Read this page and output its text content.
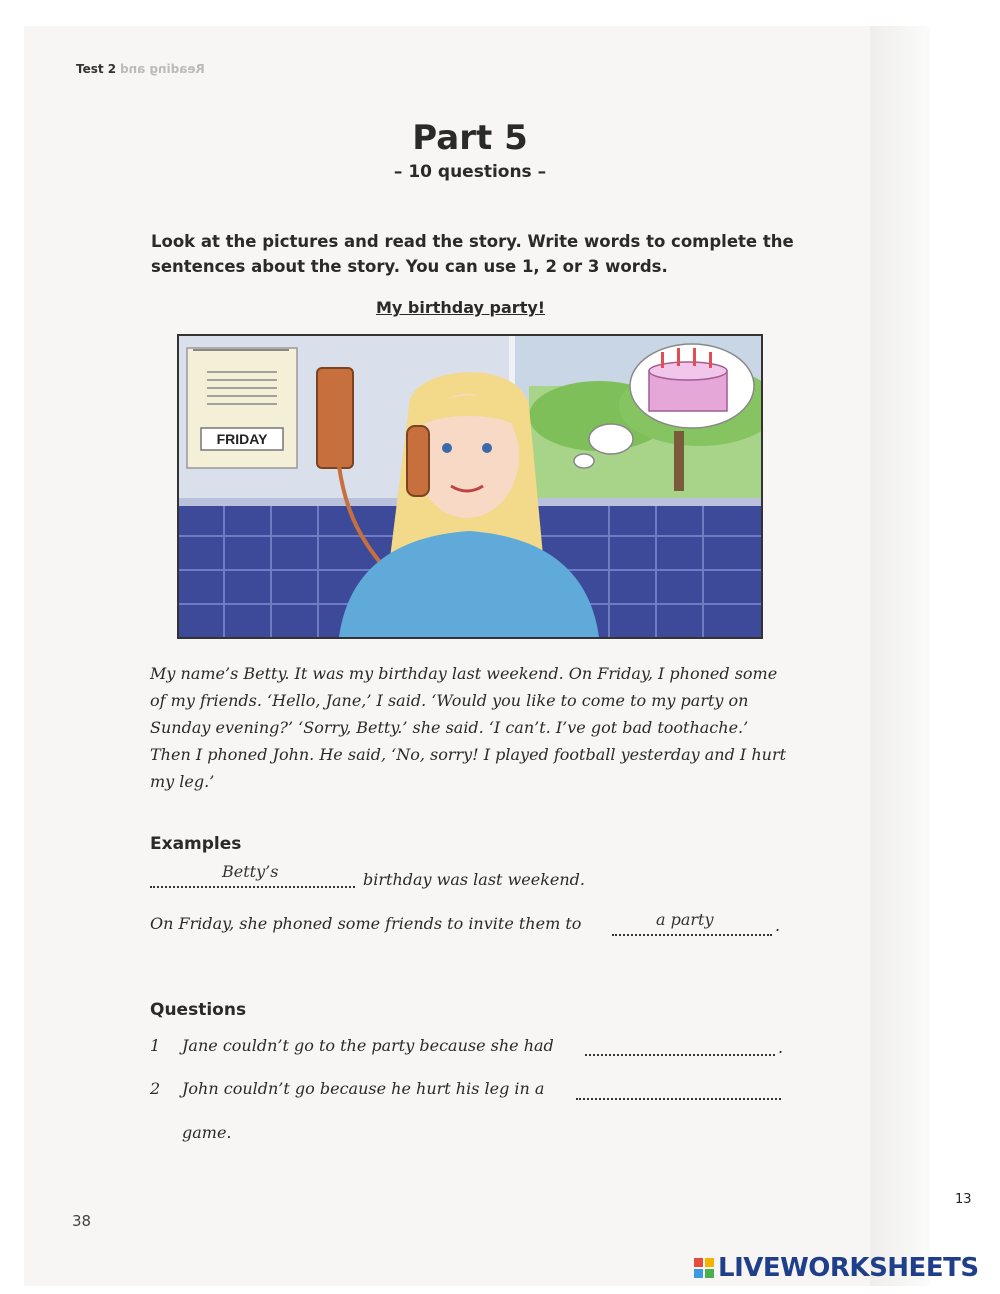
Test 2 Reading and
Part 5
– 10 questions –
Look at the pictures and read the story. Write words to complete the sentences about the story. You can use 1, 2 or 3 words.
My birthday party!
FRIDAY
My name’s Betty. It was my birthday last weekend. On Friday, I phoned some of my friends. ‘Hello, Jane,’ I said. ‘Would you like to come to my party on Sunday evening?’ ‘Sorry, Betty.’ she said. ‘I can’t. I’ve got bad toothache.’ Then I phoned John. He said, ‘No, sorry! I played football yesterday and I hurt my leg.’
Examples
Betty’s	birthday was last weekend.
On Friday, she phoned some friends to invite them to	a party	.
Questions
1 Jane couldn’t go to the party because she had	.
2 John couldn’t go because he hurt his leg in a
game.
38
13
LIVEWORKSHEETS
